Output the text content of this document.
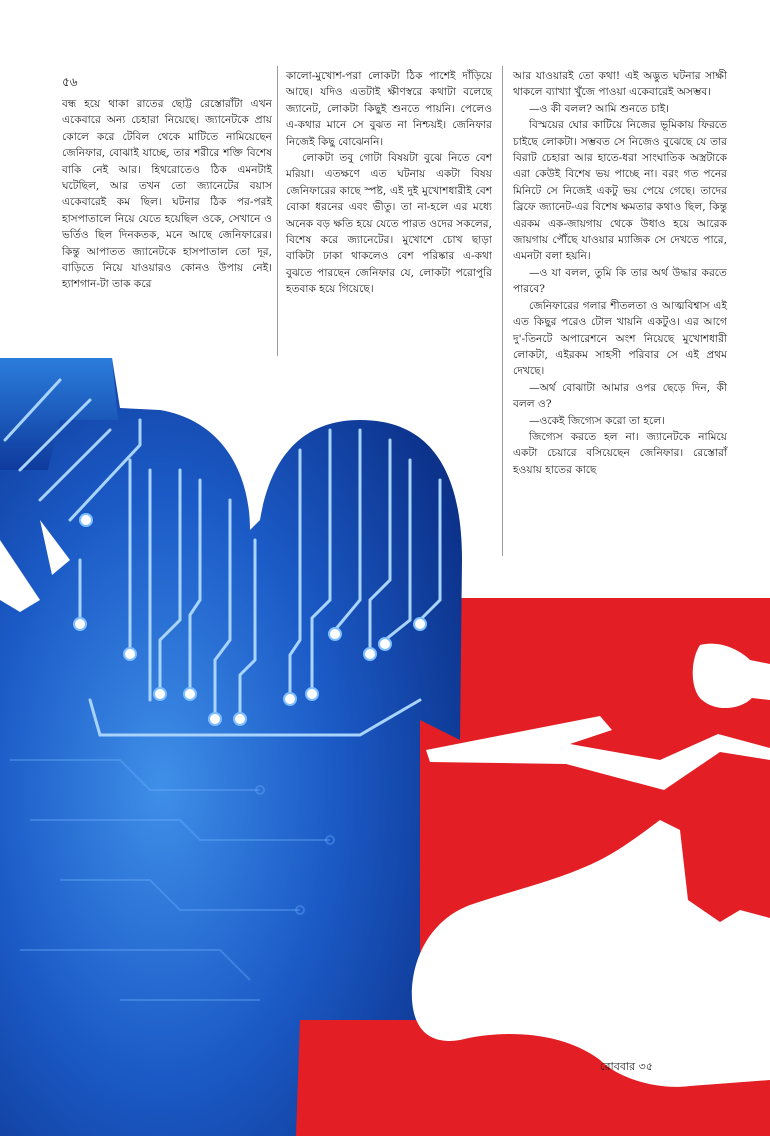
৫৬

বন্ধ হয়ে থাকা রাতের ছোট্ট রেস্তোরাঁটা এখন একেবারে অন্য চেহারা নিয়েছে। জ্যানেটকে প্রায় কোলে করে টেবিল থেকে মাটিতে নামিয়েছেন জেনিফার, বোঝাই যাচ্ছে, তার শরীরে শক্তি বিশেষ বাকি নেই আর। হিথরোতেও ঠিক এমনটাই ঘটেছিল, আর তখন তো জ্যানেটের বয়াস একেবারেই কম ছিল। ঘটনার ঠিক পর-পরই হাসপাতালে নিয়ে যেতে হয়েছিল ওকে, সেখানে ও ভর্তিও ছিল দিনকতক, মনে আছে জেনিফারের। কিন্তু আপাতত জ্যানেটকে হাসপাতাল তো দূর, বাড়িতে নিয়ে যাওয়ারও কোনও উপায় নেই। হ্যাশগান-টা তাক করে

কালো-মুখোশ-পরা লোকটা ঠিক পাশেই দাঁড়িয়ে আছে। যদিও এতটাই ক্ষীণস্বরে কথাটা বলেছে জ্যানেট, লোকটা কিছুই শুনতে পায়নি। পেলেও এ-কথার মানে সে বুঝত না নিশ্চয়ই। জেনিফার নিজেই কিছু বোঝেননি।

লোকটা তবু গোটা বিষয়টা বুঝে নিতে বেশ মরিয়া। এতক্ষণে এত ঘটনায় একটা বিষয় জেনিফারের কাছে স্পষ্ট, এই দুই মুখোশধারীই বেশ বোকা ধরনের এবং ভীতু। তা না-হলে এর মধ্যে অনেক বড় ক্ষতি হয়ে যেতে পারত ওদের সকলের, বিশেষ করে জ্যানেটের। মুখোশে চোখ ছাড়া বাকিটা ঢাকা থাকলেও বেশ পরিষ্কার এ-কথা বুঝতে পারছেন জেনিফার যে, লোকটা পরোপুরি হতবাক হয়ে গিয়েছে।

আর যাওয়ারই তো কথা! এই অদ্ভুত ঘটনার সাক্ষী থাকলে ব্যাখ্যা খুঁজে পাওয়া একেবারেই অসম্ভব।

—ও কী বলল? আমি শুনতে চাই।

বিস্ময়ের ঘোর কাটিয়ে নিজের ভূমিকায় ফিরতে চাইছে লোকটা। সম্ভবত সে নিজেও বুঝেছে যে তার বিরাট চেহারা আর হাতে-ধরা সাংঘাতিক অস্ত্রটাকে এরা কেউই বিশেষ ভয় পাচ্ছে না। বরং গত পনের মিনিটে সে নিজেই একটু ভয় পেয়ে গেছে। তাদের ব্রিফে জ্যানেট-এর বিশেষ ক্ষমতার কথাও ছিল, কিন্তু এরকম এক-জায়গায় থেকে উধাও হয়ে আরেক জায়গায় পৌঁছে যাওয়ার ম্যাজিক সে দেখতে পারে, এমনটা বলা হয়নি।

—ও যা বলল, তুমি কি তার অর্থ উদ্ধার করতে পারবে?

জেনিফারের গলার শীতলতা ও আত্মবিশ্বাস এই এত কিছুর পরেও টোল খায়নি একটুও। এর আগে দু'-তিনটে অপারেশনে অংশ নিয়েছে মুখোশধারী লোকটা, এইরকম সাহসী পরিবার সে এই প্রথম দেখছে।

—অর্থ বোঝাটা আমার ওপর ছেড়ে দিন, কী বলল ও?

—ওকেই জিগ্যেস করো তা হলে।

জিগ্যেস করতে হল না। জ্যানেটকে নামিয়ে একটা চেয়ারে বসিয়েছেন জেনিফার। রেস্তোরাঁ হওয়ায় হাতের কাছে

রোববার ৩৫
